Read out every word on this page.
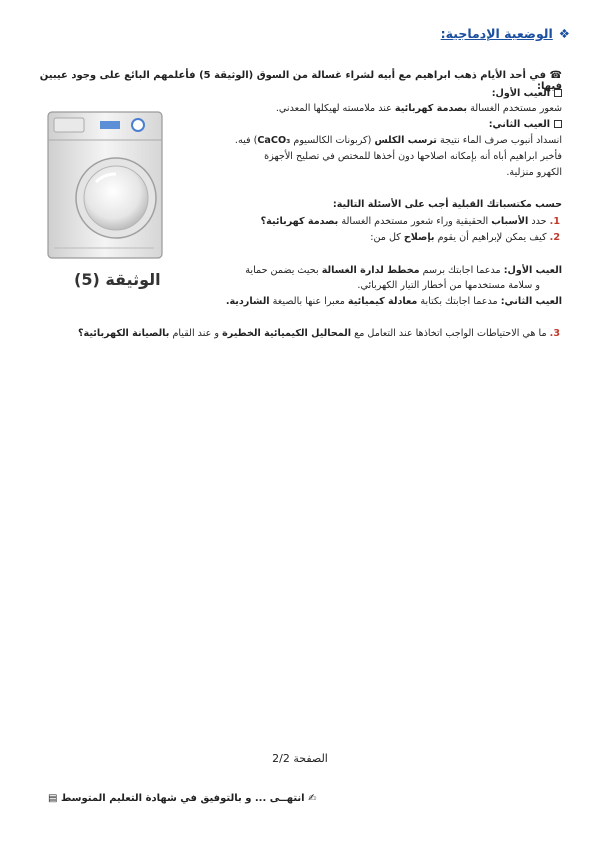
❖الوضعية الإدماجية:
☎ في أحد الأيام ذهب ابراهيم مع أبيه لشراء غسالة من السوق (الوثيقة 5) فأعلمهم البائع على وجود عيبين فيها:
العيب الأول:
شعور مستخدم الغسالة بصدمة كهربائية عند ملامسته لهيكلها المعدني.
العيب الثاني:
انسداد أنبوب صرف الماء نتيجة ترسب الكلس (كربونات الكالسيوم CaCO₃) فيه.
فأخبر ابراهيم أباه أنه بإمكانه اصلاحها دون أخذها للمختص في تصليح الأجهزة
الكهرو منزلية.
حسب مكتسباتك القبلية أجب على الأسئلة التالية:
1. حدد الأسباب الحقيقية وراء شعور مستخدم الغسالة بصدمة كهربائية؟
2. كيف يمكن لإبراهيم أن يقوم بإصلاح كل من:
العيب الأول: مدعما اجابتك برسم مخطط لدارة الغسالة بحيث يضمن حماية
و سلامة مستخدمها من أخطار التيار الكهربائي.
العيب الثاني: مدعما اجابتك بكتابة معادلة كيميائية معبرا عنها بالصيغة الشاردية.
3. ما هي الاحتياطات الواجب اتخاذها عند التعامل مع المحاليل الكيميائية الخطيرة و عند القيام بالصيانة الكهربائية؟
الوثيقة (5)
الصفحة 2/2
✍ انتهــى ... و بالتوفيق في شهادة التعليم المتوسط ▤
